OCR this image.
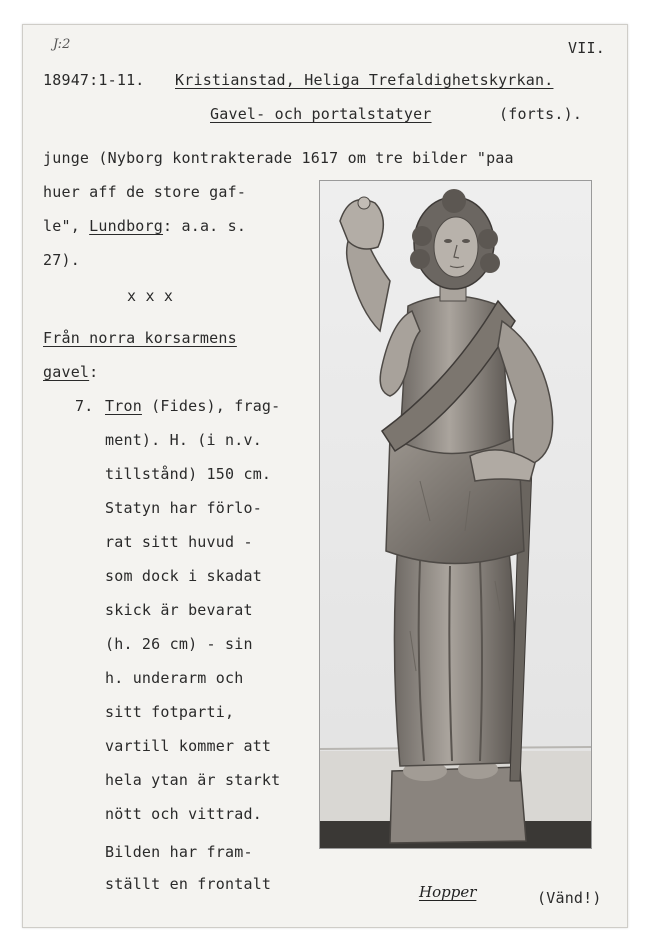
J:2	VII.
18947:1-11. Kristianstad, Heliga Trefaldighetskyrkan.
Gavel- och portalstatyer	(forts.).
junge (Nyborg kontrakterade 1617 om tre bilder "paa
huer aff de store gaf-
le", Lundborg: a.a. s.
27).
x x x
Från norra korsarmens
gavel:
7. Tron (Fides), frag-
ment). H. (i n.v.
tillstånd) 150 cm.
Statyn har förlo-
rat sitt huvud -
som dock i skadat
skick är bevarat
(h. 26 cm) - sin
h. underarm och
sitt fotparti,
vartill kommer att
hela ytan är starkt
nött och vittrad.
Bilden har fram-
ställt en frontalt	Hopper	(Vänd!)
